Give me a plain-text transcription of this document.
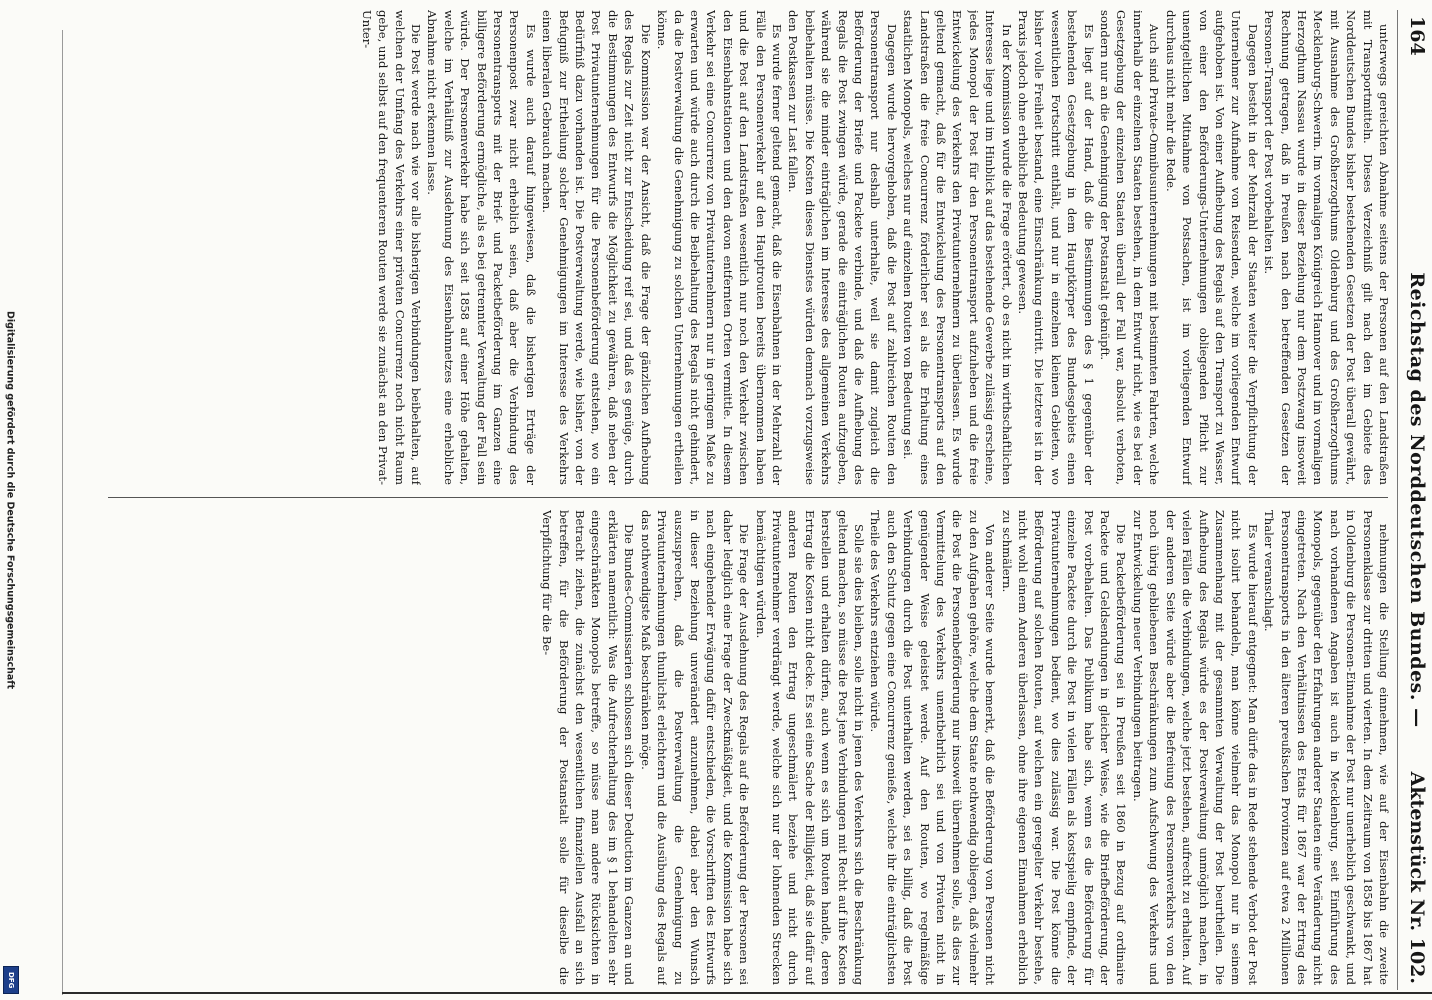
Digitalisierung gefördert durch die Deutsche Forschungsgemeinschaft
DFG
164
Reichstag des Norddeutschen Bundes. —
Aktenstück Nr. 102.

unterwegs gereichten Abnahme seitens der Personen auf den Landstraßen mit Transportmitteln. Dieses Verzeichniß gilt nach den im Gebiete des Norddeutschen Bundes bisher bestehenden Gesetzen der Post überall gewährt, mit Ausnahme des Großherzogthums Oldenburg und des Großherzogthums Mecklenburg-Schwerin. Im vormaligen Königreich Hannover und im vormaligen Herzogthum Nassau wurde in dieser Beziehung nur dem Postzwang insoweit Rechnung getragen, daß in Preußen nach den betreffenden Gesetzen der Personen-Transport der Post vorbehalten ist.

Dagegen besteht in der Mehrzahl der Staaten weiter die Verpflichtung der Unternehmer zur Aufnahme von Reisenden, welche im vorliegenden Entwurf aufgehoben ist. Von einer Aufhebung des Regals auf den Transport zu Wasser, von einer den Beförderungs-Unternehmungen obliegenden Pflicht zur unentgeltlichen Mitnahme von Postsachen, ist im vorliegenden Entwurf durchaus nicht mehr die Rede.

Auch sind Private-Omnibusunternehmungen mit bestimmten Fahrten, welche innerhalb der einzelnen Staaten bestehen, in dem Entwurf nicht, wie es bei der Gesetzgebung der einzelnen Staaten überall der Fall war, absolut verboten, sondern nur an die Genehmigung der Postanstalt geknüpft.

Es liegt auf der Hand, daß die Bestimmungen des § 1 gegenüber der bestehenden Gesetzgebung in dem Hauptkörper des Bundesgebiets einen wesentlichen Fortschritt enthält, und nur in einzelnen kleinen Gebieten, wo bisher volle Freiheit bestand, eine Einschränkung eintritt. Die letztere ist in der Praxis jedoch ohne erhebliche Bedeutung gewesen.

In der Kommission wurde die Frage erörtert, ob es nicht im wirthschaftlichen Interesse liege und im Hinblick auf das bestehende Gewerbe zulässig erscheine, jedes Monopol der Post für den Personentransport aufzuheben und die freie Entwickelung des Verkehrs den Privatunternehmern zu überlassen. Es wurde geltend gemacht, daß für die Entwickelung des Personentransports auf den Landstraßen die freie Concurrenz förderlicher sei als die Erhaltung eines staatlichen Monopols, welches nur auf einzelnen Routen von Bedeutung sei.

Dagegen wurde hervorgehoben, daß die Post auf zahlreichen Routen den Personentransport nur deshalb unterhalte, weil sie damit zugleich die Beförderung der Briefe und Packete verbinde, und daß die Aufhebung des Regals die Post zwingen würde, gerade die einträglichen Routen aufzugeben, während sie die minder einträglichen im Interesse des allgemeinen Verkehrs beibehalten müsse. Die Kosten dieses Dienstes würden demnach vorzugsweise den Postkassen zur Last fallen.

Es wurde ferner geltend gemacht, daß die Eisenbahnen in der Mehrzahl der Fälle den Personenverkehr auf den Hauptrouten bereits übernommen haben und die Post auf den Landstraßen wesentlich nur noch den Verkehr zwischen den Eisenbahnstationen und den davon entfernten Orten vermittle. In diesem Verkehr sei eine Concurrenz von Privatunternehmern nur in geringem Maße zu erwarten und würde auch durch die Beibehaltung des Regals nicht gehindert, da die Postverwaltung die Genehmigung zu solchen Unternehmungen ertheilen könne.

Die Kommission war der Ansicht, daß die Frage der gänzlichen Aufhebung des Regals zur Zeit nicht zur Entscheidung reif sei, und daß es genüge, durch die Bestimmungen des Entwurfs die Möglichkeit zu gewähren, daß neben der Post Privatunternehmungen für die Personenbeförderung entstehen, wo ein Bedürfniß dazu vorhanden ist. Die Postverwaltung werde, wie bisher, von der Befugniß zur Ertheilung solcher Genehmigungen im Interesse des Verkehrs einen liberalen Gebrauch machen.

Es wurde auch darauf hingewiesen, daß die bisherigen Erträge der Personenpost zwar nicht erheblich seien, daß aber die Verbindung des Personentransports mit der Brief- und Packetbeförderung im Ganzen eine billigere Beförderung ermögliche, als es bei getrennter Verwaltung der Fall sein würde. Der Personenverkehr habe sich seit 1858 auf einer Höhe gehalten, welche im Verhältniß zur Ausdehnung des Eisenbahnnetzes eine erhebliche Abnahme nicht erkennen lasse.

Die Post werde nach wie vor alle bisherigen Verbindungen beibehalten, auf welchen der Umfang des Verkehrs einer privaten Concurrenz noch nicht Raum gebe, und selbst auf den frequenteren Routen werde sie zunächst an den Privat-Unter-

nehmungen die Stellung einnehmen, wie auf der Eisenbahn die zweite Personenklasse zur dritten und vierten. In dem Zeitraum von 1858 bis 1867 hat in Oldenburg die Personen-Einnahme der Post nur unerheblich geschwankt, und nach vorhandenen Angaben ist auch in Mecklenburg, seit Einführung des Monopols, gegenüber den Erfahrungen anderer Staaten eine Veränderung nicht eingetreten. Nach den Verhältnissen des Etats für 1867 war der Ertrag des Personentransports in den älteren preußischen Provinzen auf etwa 2 Millionen Thaler veranschlagt.

Es wurde hierauf entgegnet: Man dürfe das in Rede stehende Verbot der Post nicht isolirt behandeln, man könne vielmehr das Monopol nur in seinem Zusammenhang mit der gesammten Verwaltung der Post beurtheilen. Die Aufhebung des Regals würde es der Postverwaltung unmöglich machen, in vielen Fällen die Verbindungen, welche jetzt bestehen, aufrecht zu erhalten. Auf der anderen Seite würde aber die Befreiung des Personenverkehrs von den noch übrig gebliebenen Beschränkungen zum Aufschwung des Verkehrs und zur Entwickelung neuer Verbindungen beitragen.

Die Packetbeförderung sei in Preußen seit 1860 in Bezug auf ordinaire Packete und Geldsendungen in gleicher Weise, wie die Briefbeförderung, der Post vorbehalten. Das Publikum habe sich, wenn es die Beförderung für einzelne Packete durch die Post in vielen Fällen als kostspielig empfinde, der Privatunternehmungen bedient, wo dies zulässig war. Die Post könne die Beförderung auf solchen Routen, auf welchen ein geregelter Verkehr bestehe, nicht wohl einem Anderen überlassen, ohne ihre eigenen Einnahmen erheblich zu schmälern.

Von anderer Seite wurde bemerkt, daß die Beförderung von Personen nicht zu den Aufgaben gehöre, welche dem Staate nothwendig obliegen, daß vielmehr die Post die Personenbeförderung nur insoweit übernehmen solle, als dies zur Vermittelung des Verkehrs unentbehrlich sei und von Privaten nicht in genügender Weise geleistet werde. Auf den Routen, wo regelmäßige Verbindungen durch die Post unterhalten werden, sei es billig, daß die Post auch den Schutz gegen eine Concurrenz genieße, welche ihr die einträglichsten Theile des Verkehrs entziehen würde.

Solle sie dies bleiben, solle nicht in jenen des Verkehrs sich die Beschränkung geltend machen, so müsse die Post jene Verbindungen mit Recht auf ihre Kosten herstellen und erhalten dürfen, auch wenn es sich um Routen handle, deren Ertrag die Kosten nicht decke. Es sei eine Sache der Billigkeit, daß sie dafür auf anderen Routen den Ertrag ungeschmälert beziehe und nicht durch Privatunternehmer verdrängt werde, welche sich nur der lohnenden Strecken bemächtigen würden.

Die Frage der Ausdehnung des Regals auf die Beförderung der Personen sei daher lediglich eine Frage der Zweckmäßigkeit, und die Kommission habe sich nach eingehender Erwägung dafür entschieden, die Vorschriften des Entwurfs in dieser Beziehung unverändert anzunehmen, dabei aber den Wunsch auszusprechen, daß die Postverwaltung die Genehmigung zu Privatunternehmungen thunlichst erleichtern und die Ausübung des Regals auf das nothwendigste Maß beschränken möge.

Die Bundes-Commissarien schlossen sich dieser Deduction im Ganzen an und erklärten namentlich: Was die Aufrechterhaltung des im § 1 behandelten sehr eingeschränkten Monopols betreffe, so müsse man andere Rücksichten in Betracht ziehen, die zunächst den wesentlichen finanziellen Ausfall an sich betreffen, für die Beförderung der Postanstalt solle für dieselbe die Verpflichtung für die Be-
